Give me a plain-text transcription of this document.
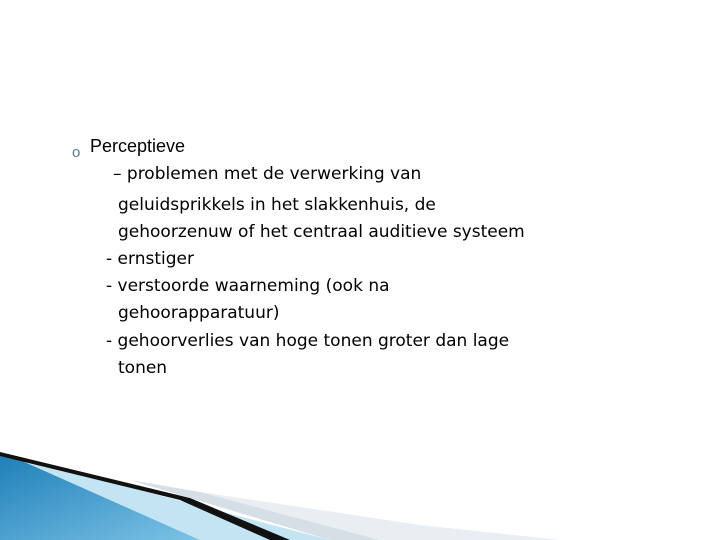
o Perceptieve
– problemen met de verwerking van
geluidsprikkels in het slakkenhuis, de
gehoorzenuw of het centraal auditieve systeem
- ernstiger
- verstoorde waarneming (ook na
gehoorapparatuur)
- gehoorverlies van hoge tonen groter dan lage
tonen
